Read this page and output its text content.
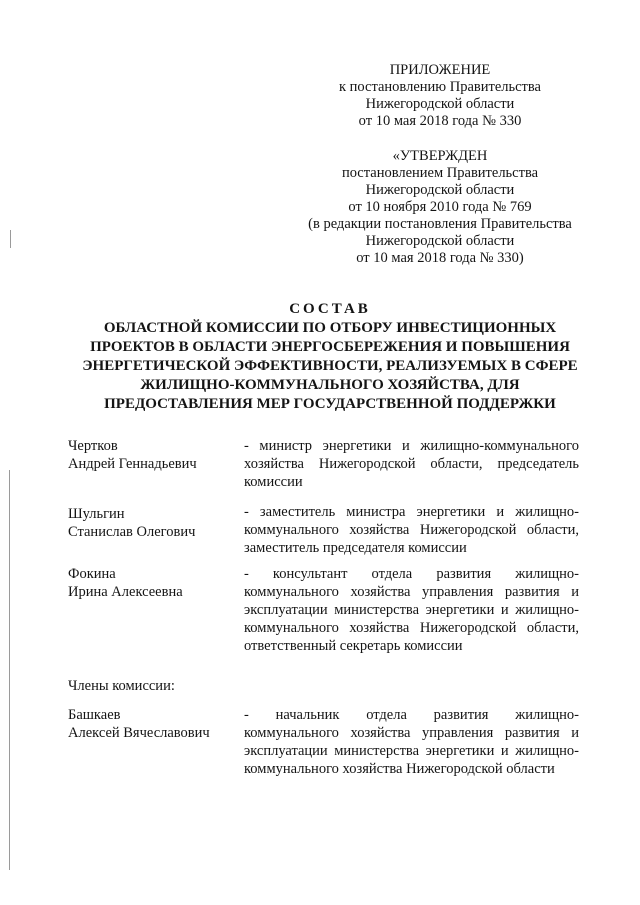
ПРИЛОЖЕНИЕ
к постановлению Правительства
Нижегородской области
от 10 мая 2018 года № 330
«УТВЕРЖДЕН
постановлением Правительства
Нижегородской области
от 10 ноября 2010 года № 769
(в редакции постановления Правительства
Нижегородской области
от 10 мая 2018 года № 330)
СОСТАВ
ОБЛАСТНОЙ КОМИССИИ ПО ОТБОРУ ИНВЕСТИЦИОННЫХ
ПРОЕКТОВ В ОБЛАСТИ ЭНЕРГОСБЕРЕЖЕНИЯ И ПОВЫШЕНИЯ
ЭНЕРГЕТИЧЕСКОЙ ЭФФЕКТИВНОСТИ, РЕАЛИЗУЕМЫХ В СФЕРЕ
ЖИЛИЩНО-КОММУНАЛЬНОГО ХОЗЯЙСТВА, ДЛЯ
ПРЕДОСТАВЛЕНИЯ МЕР ГОСУДАРСТВЕННОЙ ПОДДЕРЖКИ
Чертков
Андрей Геннадьевич
- министр энергетики и жилищно-коммунального хозяйства Нижегородской области, председатель комиссии
Шульгин
Станислав Олегович
- заместитель министра энергетики и жилищно-коммунального хозяйства Нижегородской области, заместитель председателя комиссии
Фокина
Ирина Алексеевна
- консультант отдела развития жилищно-коммунального хозяйства управления развития и эксплуатации министерства энергетики и жилищно-коммунального хозяйства Нижегородской области, ответственный секретарь комиссии
Члены комиссии:
Башкаев
Алексей Вячеславович
- начальник отдела развития жилищно-коммунального хозяйства управления развития и эксплуатации министерства энергетики и жилищно-коммунального хозяйства Нижегородской области
